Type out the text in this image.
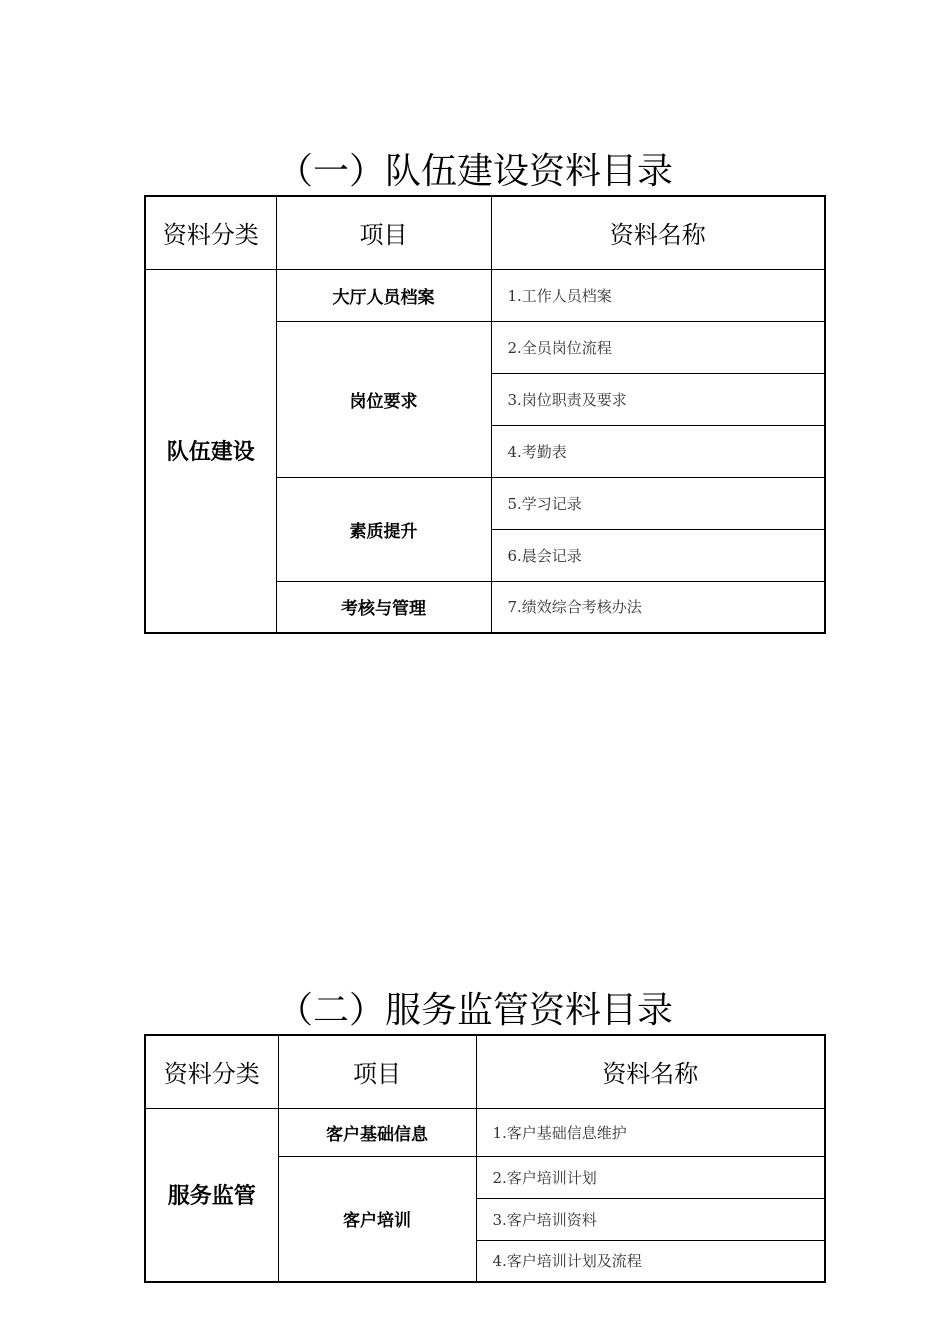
（一）队伍建设资料目录
资料分类	项目	资料名称
队伍建设	大厅人员档案	1.工作人员档案
	岗位要求	2.全员岗位流程
		3.岗位职责及要求
		4.考勤表
	素质提升	5.学习记录
		6.晨会记录
	考核与管理	7.绩效综合考核办法
（二）服务监管资料目录
资料分类	项目	资料名称
服务监管	客户基础信息	1.客户基础信息维护
	客户培训	2.客户培训计划
		3.客户培训资料
		4.客户培训计划及流程
